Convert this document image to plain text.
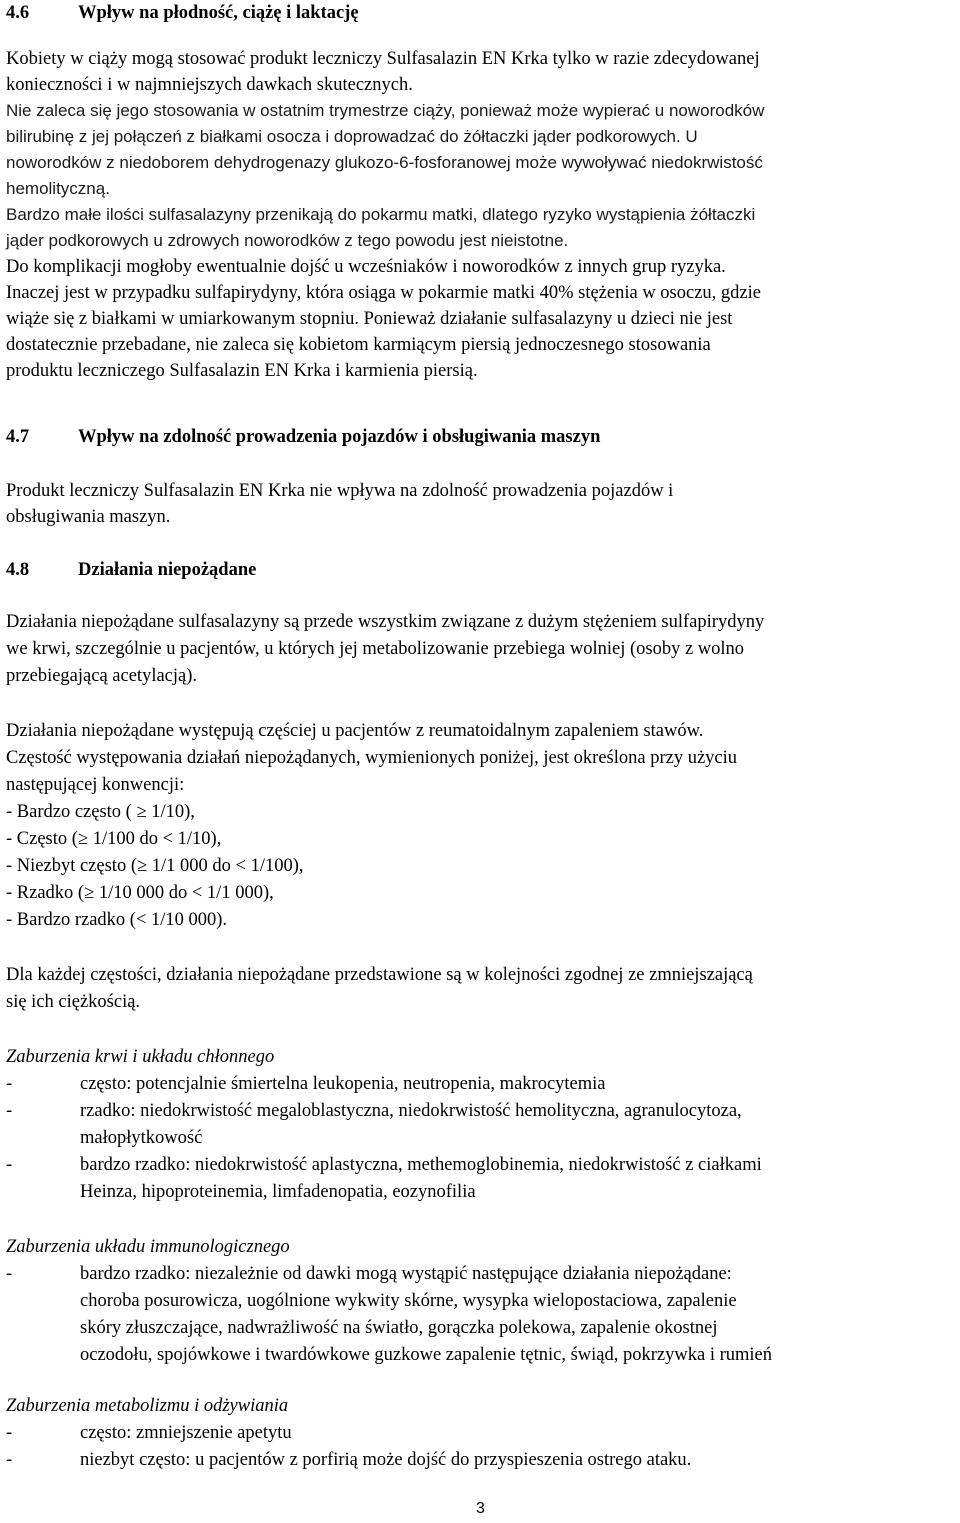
4.6	Wpływ na płodność, ciążę i laktację
Kobiety w ciąży mogą stosować produkt leczniczy Sulfasalazin EN Krka tylko w razie zdecydowanej
konieczności i w najmniejszych dawkach skutecznych.
Nie zaleca się jego stosowania w ostatnim trymestrze ciąży, ponieważ może wypierać u noworodków
bilirubinę z jej połączeń z białkami osocza i doprowadzać do żółtaczki jąder podkorowych. U
noworodków z niedoborem dehydrogenazy glukozo-6-fosforanowej może wywoływać niedokrwistość
hemolityczną.
Bardzo małe ilości sulfasalazyny przenikają do pokarmu matki, dlatego ryzyko wystąpienia żółtaczki
jąder podkorowych u zdrowych noworodków z tego powodu jest nieistotne.
Do komplikacji mogłoby ewentualnie dojść u wcześniaków i noworodków z innych grup ryzyka.
Inaczej jest w przypadku sulfapirydyny, która osiąga w pokarmie matki 40% stężenia w osoczu, gdzie
wiąże się z białkami w umiarkowanym stopniu. Ponieważ działanie sulfasalazyny u dzieci nie jest
dostatecznie przebadane, nie zaleca się kobietom karmiącym piersią jednoczesnego stosowania
produktu leczniczego Sulfasalazin EN Krka i karmienia piersią.
4.7	Wpływ na zdolność prowadzenia pojazdów i obsługiwania maszyn
Produkt leczniczy Sulfasalazin EN Krka nie wpływa na zdolność prowadzenia pojazdów i
obsługiwania maszyn.
4.8	Działania niepożądane
Działania niepożądane sulfasalazyny są przede wszystkim związane z dużym stężeniem sulfapirydyny
we krwi, szczególnie u pacjentów, u których jej metabolizowanie przebiega wolniej (osoby z wolno
przebiegającą acetylacją).
Działania niepożądane występują częściej u pacjentów z reumatoidalnym zapaleniem stawów.
Częstość występowania działań niepożądanych, wymienionych poniżej, jest określona przy użyciu
następującej konwencji:
- Bardzo często ( ≥ 1/10),
- Często (≥ 1/100 do < 1/10),
- Niezbyt często (≥ 1/1 000 do < 1/100),
- Rzadko (≥ 1/10 000 do < 1/1 000),
- Bardzo rzadko (< 1/10 000).
Dla każdej częstości, działania niepożądane przedstawione są w kolejności zgodnej ze zmniejszającą
się ich ciężkością.
Zaburzenia krwi i układu chłonnego
-	często: potencjalnie śmiertelna leukopenia, neutropenia, makrocytemia
-	rzadko: niedokrwistość megaloblastyczna, niedokrwistość hemolityczna, agranulocytoza,
małopłytkowość
-	bardzo rzadko: niedokrwistość aplastyczna, methemoglobinemia, niedokrwistość z ciałkami
Heinza, hipoproteinemia, limfadenopatia, eozynofilia
Zaburzenia układu immunologicznego
-	bardzo rzadko: niezależnie od dawki mogą wystąpić następujące działania niepożądane:
choroba posurowicza, uogólnione wykwity skórne, wysypka wielopostaciowa, zapalenie
skóry złuszczające, nadwrażliwość na światło, gorączka polekowa, zapalenie okostnej
oczodołu, spojówkowe i twardówkowe guzkowe zapalenie tętnic, świąd, pokrzywka i rumień
Zaburzenia metabolizmu i odżywiania
-	często: zmniejszenie apetytu
-	niezbyt często: u pacjentów z porfirią może dojść do przyspieszenia ostrego ataku.
3
